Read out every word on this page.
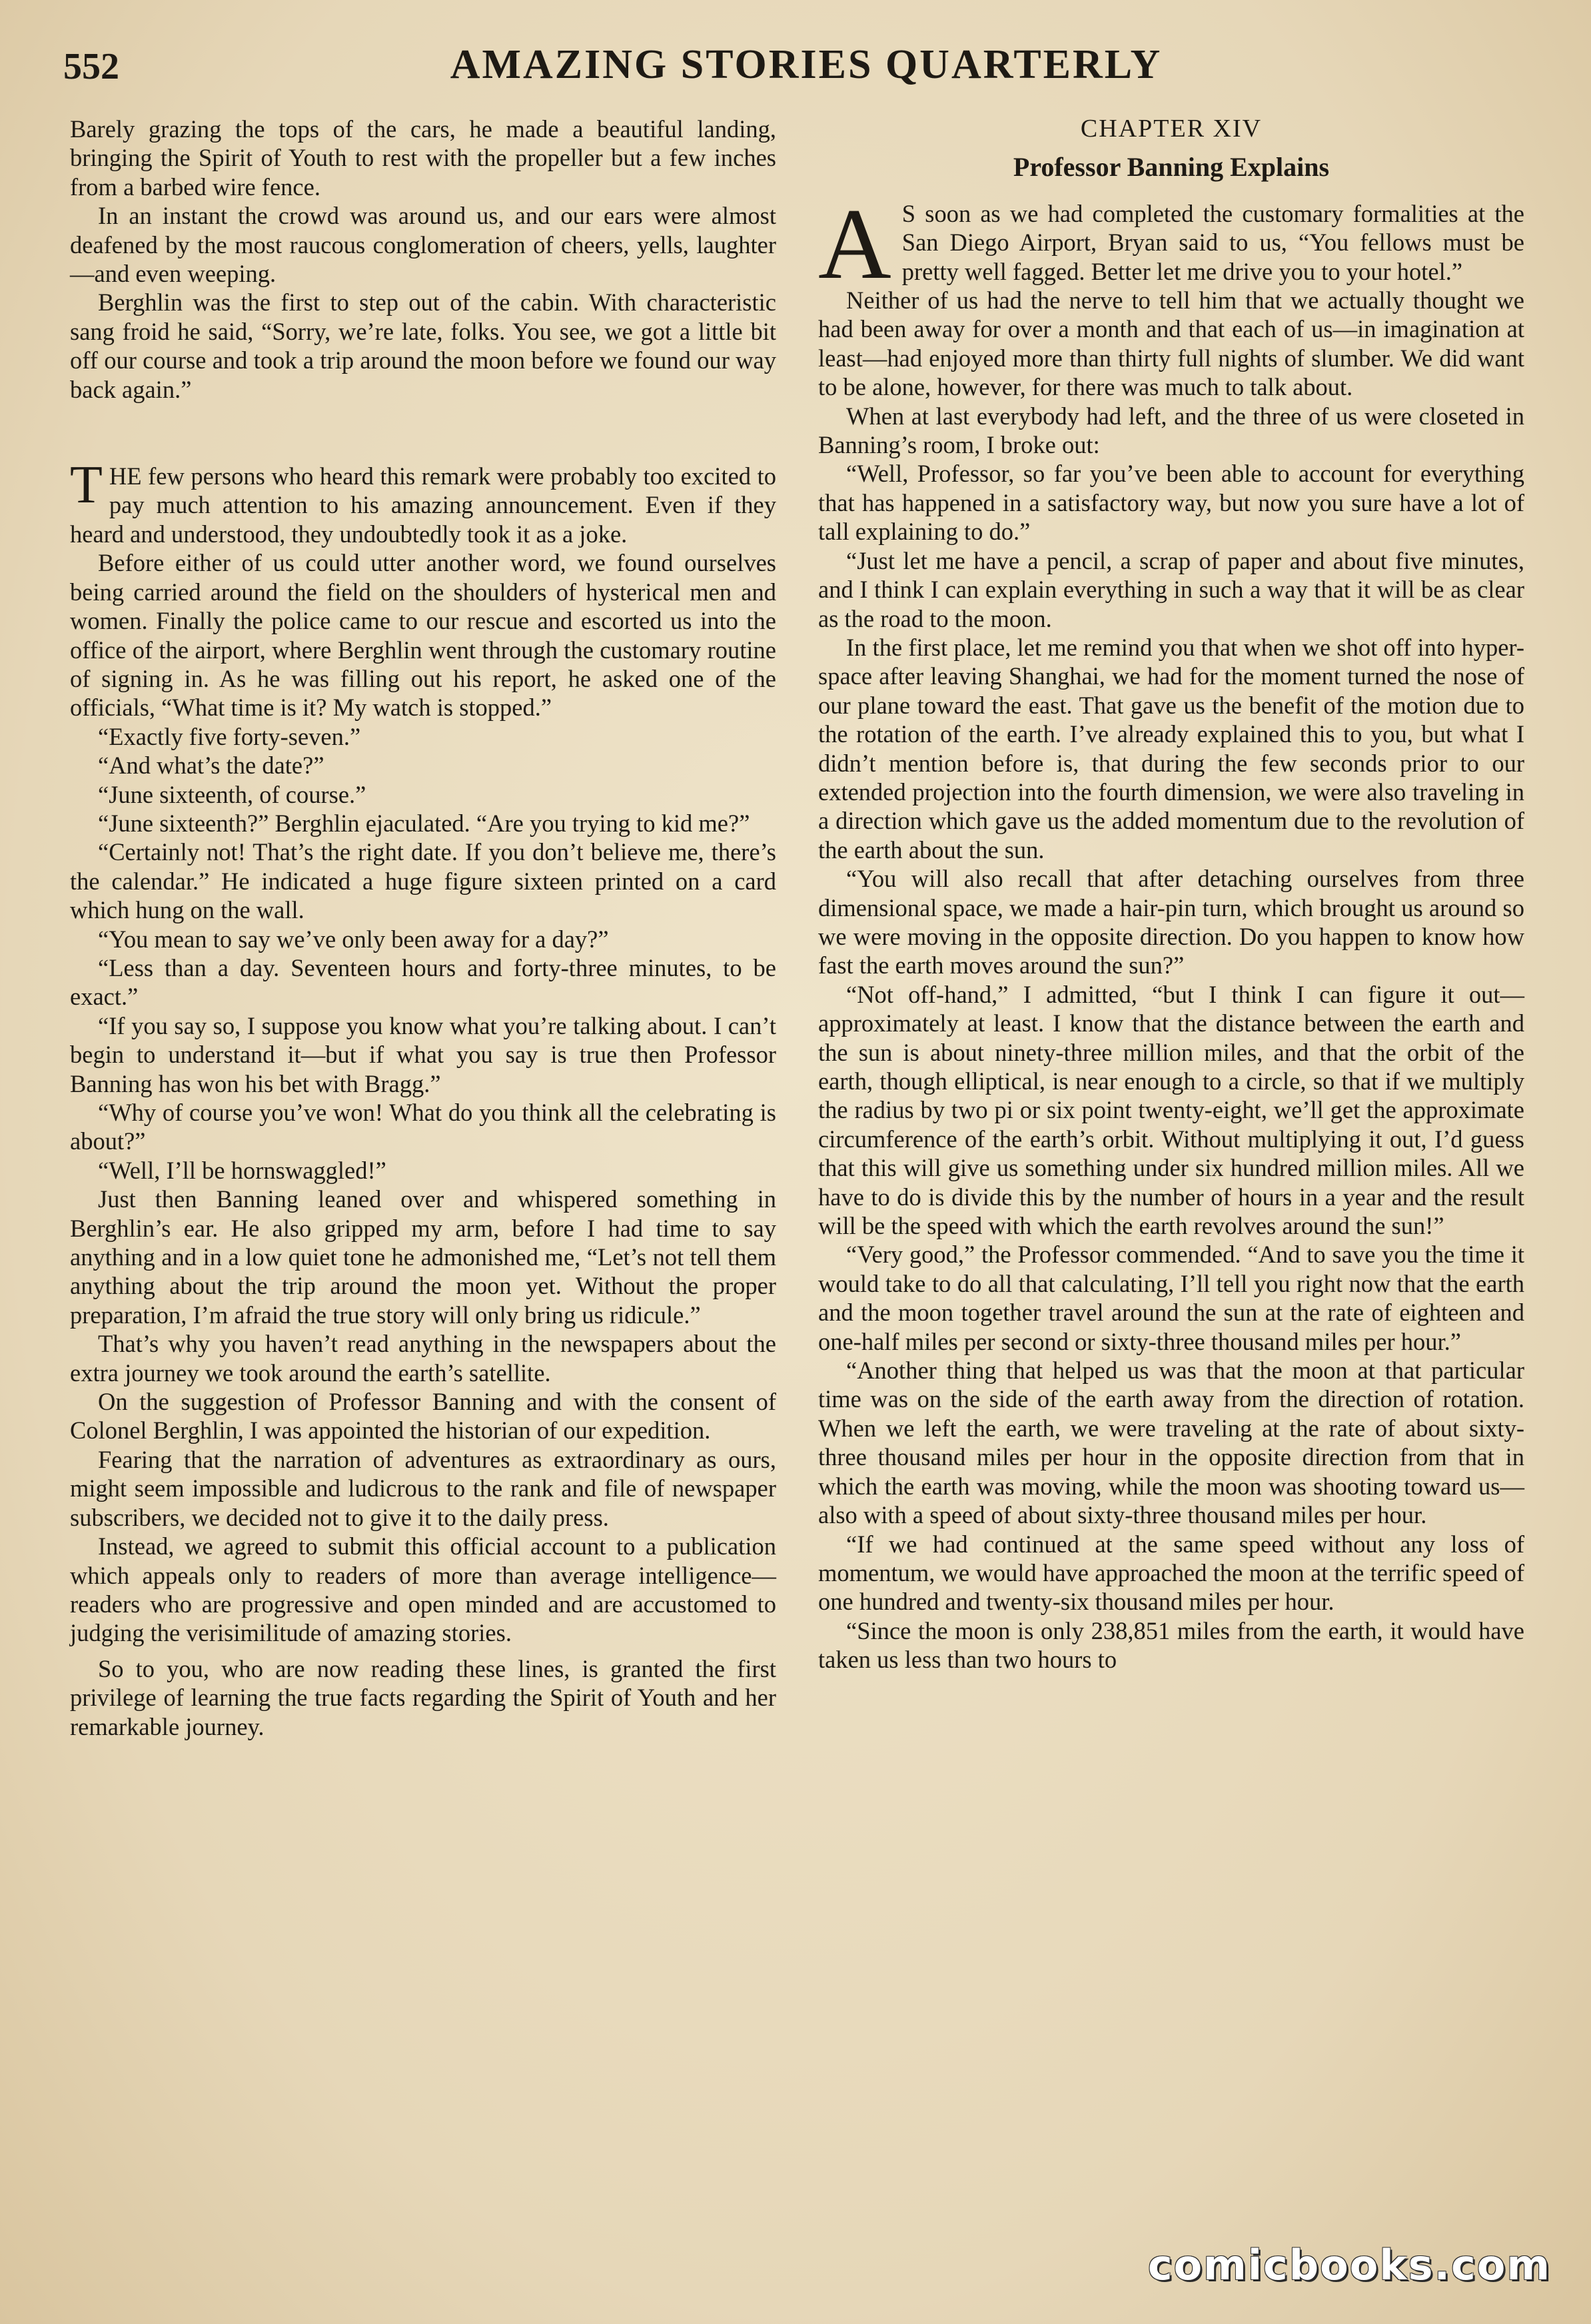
552	AMAZING STORIES QUARTERLY

Barely grazing the tops of the cars, he made a beautiful landing, bringing the Spirit of Youth to rest with the propeller but a few inches from a barbed wire fence.

In an instant the crowd was around us, and our ears were almost deafened by the most raucous conglomeration of cheers, yells, laughter—and even weeping.

Berghlin was the first to step out of the cabin. With characteristic sang froid he said, “Sorry, we’re late, folks. You see, we got a little bit off our course and took a trip around the moon before we found our way back again.”

THE few persons who heard this remark were probably too excited to pay much attention to his amazing announcement. Even if they heard and understood, they undoubtedly took it as a joke.

Before either of us could utter another word, we found ourselves being carried around the field on the shoulders of hysterical men and women. Finally the police came to our rescue and escorted us into the office of the airport, where Berghlin went through the customary routine of signing in. As he was filling out his report, he asked one of the officials, “What time is it? My watch is stopped.”

“Exactly five forty-seven.”

“And what’s the date?”

“June sixteenth, of course.”

“June sixteenth?” Berghlin ejaculated. “Are you trying to kid me?”

“Certainly not! That’s the right date. If you don’t believe me, there’s the calendar.” He indicated a huge figure sixteen printed on a card which hung on the wall.

“You mean to say we’ve only been away for a day?”

“Less than a day. Seventeen hours and forty-three minutes, to be exact.”

“If you say so, I suppose you know what you’re talking about. I can’t begin to understand it—but if what you say is true then Professor Banning has won his bet with Bragg.”

“Why of course you’ve won! What do you think all the celebrating is about?”

“Well, I’ll be hornswaggled!”

Just then Banning leaned over and whispered something in Berghlin’s ear. He also gripped my arm, before I had time to say anything and in a low quiet tone he admonished me, “Let’s not tell them anything about the trip around the moon yet. Without the proper preparation, I’m afraid the true story will only bring us ridicule.”

That’s why you haven’t read anything in the newspapers about the extra journey we took around the earth’s satellite.

On the suggestion of Professor Banning and with the consent of Colonel Berghlin, I was appointed the historian of our expedition.

Fearing that the narration of adventures as extraordinary as ours, might seem impossible and ludicrous to the rank and file of newspaper subscribers, we decided not to give it to the daily press.

Instead, we agreed to submit this official account to a publication which appeals only to readers of more than average intelligence—readers who are progressive and open minded and are accustomed to judging the verisimilitude of amazing stories.

So to you, who are now reading these lines, is granted the first privilege of learning the true facts regarding the Spirit of Youth and her remarkable journey.

CHAPTER XIV
Professor Banning Explains

A S soon as we had completed the customary formalities at the San Diego Airport, Bryan said to us, “You fellows must be pretty well fagged. Better let me drive you to your hotel.”

Neither of us had the nerve to tell him that we actually thought we had been away for over a month and that each of us—in imagination at least—had enjoyed more than thirty full nights of slumber. We did want to be alone, however, for there was much to talk about.

When at last everybody had left, and the three of us were closeted in Banning’s room, I broke out:

“Well, Professor, so far you’ve been able to account for everything that has happened in a satisfactory way, but now you sure have a lot of tall explaining to do.”

“Just let me have a pencil, a scrap of paper and about five minutes, and I think I can explain everything in such a way that it will be as clear as the road to the moon.

In the first place, let me remind you that when we shot off into hyper-space after leaving Shanghai, we had for the moment turned the nose of our plane toward the east. That gave us the benefit of the motion due to the rotation of the earth. I’ve already explained this to you, but what I didn’t mention before is, that during the few seconds prior to our extended projection into the fourth dimension, we were also traveling in a direction which gave us the added momentum due to the revolution of the earth about the sun.

“You will also recall that after detaching ourselves from three dimensional space, we made a hair-pin turn, which brought us around so we were moving in the opposite direction. Do you happen to know how fast the earth moves around the sun?”

“Not off-hand,” I admitted, “but I think I can figure it out—approximately at least. I know that the distance between the earth and the sun is about ninety-three million miles, and that the orbit of the earth, though elliptical, is near enough to a circle, so that if we multiply the radius by two pi or six point twenty-eight, we’ll get the approximate circumference of the earth’s orbit. Without multiplying it out, I’d guess that this will give us something under six hundred million miles. All we have to do is divide this by the number of hours in a year and the result will be the speed with which the earth revolves around the sun!”

“Very good,” the Professor commended. “And to save you the time it would take to do all that calculating, I’ll tell you right now that the earth and the moon together travel around the sun at the rate of eighteen and one-half miles per second or sixty-three thousand miles per hour.”

“Another thing that helped us was that the moon at that particular time was on the side of the earth away from the direction of rotation. When we left the earth, we were traveling at the rate of about sixty-three thousand miles per hour in the opposite direction from that in which the earth was moving, while the moon was shooting toward us—also with a speed of about sixty-three thousand miles per hour.

“If we had continued at the same speed without any loss of momentum, we would have approached the moon at the terrific speed of one hundred and twenty-six thousand miles per hour.

“Since the moon is only 238,851 miles from the earth, it would have taken us less than two hours to

comicbooks.com
